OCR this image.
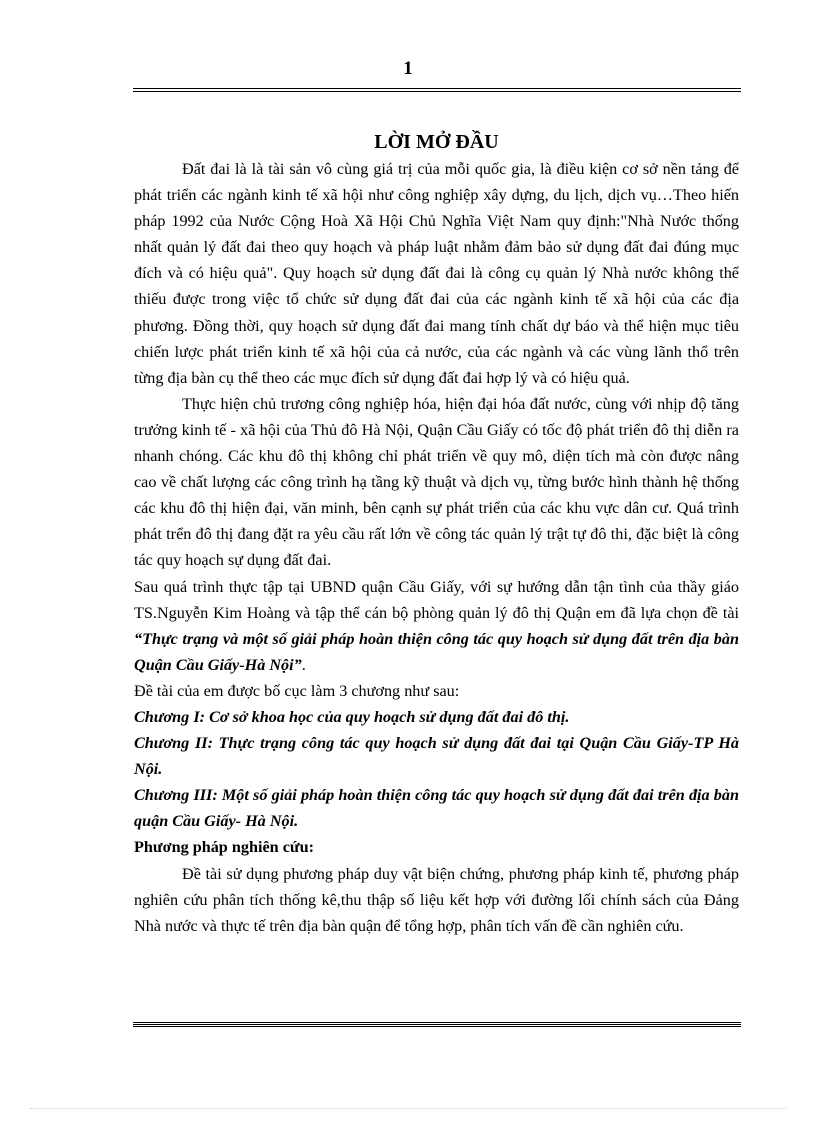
1
LỜI MỞ ĐẦU

Đất đai là là tài sản vô cùng giá trị của mỗi quốc gia, là điều kiện cơ sở nền tảng để phát triển các ngành kinh tế xã hội như công nghiệp xây dựng, du lịch, dịch vụ…Theo hiến pháp 1992 của Nước Cộng Hoà Xã Hội Chủ Nghĩa Việt Nam quy định:"Nhà Nước thống nhất quản lý đất đai theo quy hoạch và pháp luật nhằm đảm bảo sử dụng đất đai đúng mục đích và có hiệu quả". Quy hoạch sử dụng đất đai là công cụ quản lý Nhà nước không thể thiếu được trong việc tổ chức sử dụng đất đai của các ngành kinh tế xã hội của các địa phương. Đồng thời, quy hoạch sử dụng đất đai mang tính chất dự báo và thể hiện mục tiêu chiến lược phát triển kinh tế xã hội của cả nước, của các ngành và các vùng lãnh thổ trên từng địa bàn cụ thể theo các mục đích sử dụng đất đai hợp lý và có hiệu quả.

Thực hiện chủ trương công nghiệp hóa, hiện đại hóa đất nước, cùng với nhịp độ tăng trưởng kinh tế - xã hội của Thủ đô Hà Nội, Quận Cầu Giấy có tốc độ phát triển đô thị diễn ra nhanh chóng. Các khu đô thị không chỉ phát triển về quy mô, diện tích mà còn được nâng cao về chất lượng các công trình hạ tầng kỹ thuật và dịch vụ, từng bước hình thành hệ thống các khu đô thị hiện đại, văn minh, bên cạnh sự phát triển của các khu vực dân cư. Quá trình phát trển đô thị đang đặt ra yêu cầu rất lớn về công tác quản lý trật tự đô thi, đặc biệt là công tác quy hoạch sự dụng đất đai.

Sau quá trình thực tập tại UBND quận Cầu Giấy, với sự hướng dẫn tận tình của thầy giáo TS.Nguyễn Kim Hoàng và tập thể cán bộ phòng quản lý đô thị Quận em đã lựa chọn đề tài “Thực trạng và một số giải pháp hoàn thiện công tác quy hoạch sử dụng đất trên địa bàn Quận Cầu Giấy-Hà Nội”.

Đề tài của em được bố cục làm 3 chương như sau:

Chương I: Cơ sở khoa học của quy hoạch sử dụng đất đai đô thị.

Chương II: Thực trạng công tác quy hoạch sử dụng đất đai tại Quận Cầu Giấy-TP Hà Nội.

Chương III: Một số giải pháp hoàn thiện công tác quy hoạch sử dụng đất đai trên địa bàn quận Cầu Giấy- Hà Nội.

Phương pháp nghiên cứu:

Đề tài sử dụng phương pháp duy vật biện chứng, phương pháp kinh tế, phương pháp nghiên cứu phân tích thống kê,thu thập số liệu kết hợp với đường lối chính sách của Đảng Nhà nước và thực tế trên địa bàn quận để tổng hợp, phân tích vấn đề cần nghiên cứu.
